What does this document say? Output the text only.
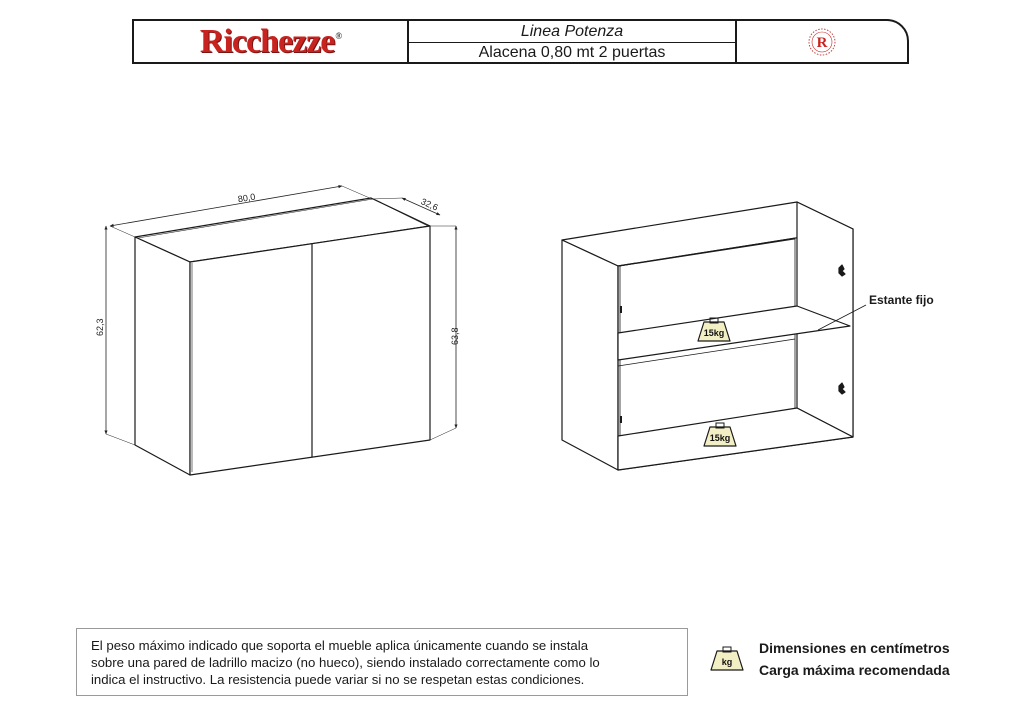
Ricchezze®	Linea Potenza
Alacena 0,80 mt 2 puertas
R
80,0	32,6
62,3
63,8	15kg
15kg
Estante fijo
El peso máximo indicado que soporta el mueble aplica únicamente cuando se instala
sobre una pared de ladrillo macizo (no hueco), siendo instalado correctamente como lo
indica el instructivo. La resistencia puede variar si no se respetan estas condiciones.
kg
Dimensiones en centímetros
Carga máxima recomendada
